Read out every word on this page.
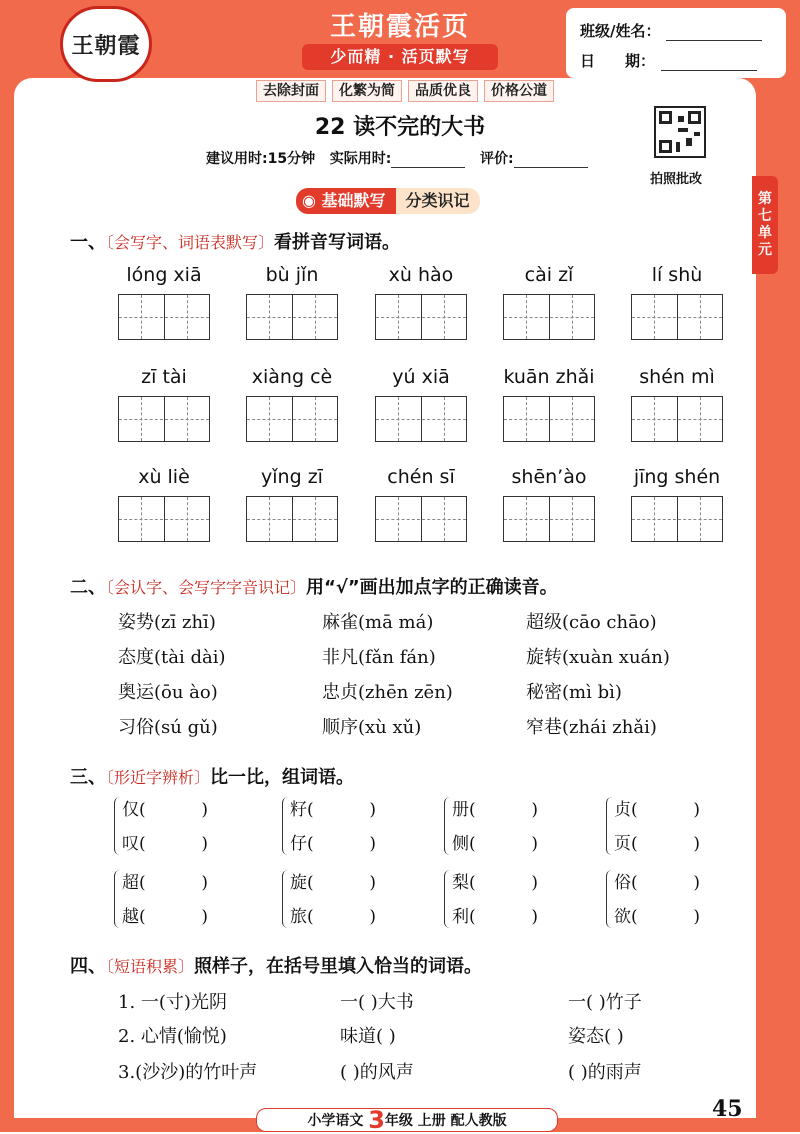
王朝霞
王朝霞活页
少而精 · 活页默写
班级/姓名：
日　　期：
去除封面 化繁为简 品质优良 价格公道
第
七
单
元
22 读不完的大书
建议用时:15分钟 实际用时:	评价:
拍照批改
◉ 基础默写	分类识记
一、〔会写字、词语表默写〕看拼音写词语。
lóng xiā	bù jǐn	xù hào	cài zǐ	lí shù
zī tài	xiàng cè	yú xiā	kuān zhǎi	shén mì
xù liè	yǐng zī	chén sī	shēn’ào	jīng shén
二、〔会认字、会写字字音识记〕用“√”画出加点字的正确读音。
姿势(zī zhī)	麻雀(mā má)	超级(cāo chāo)
态度(tài dài)	非凡(fǎn fán)	旋转(xuàn xuán)
奥运(ōu ào)	忠贞(zhēn zēn)	秘密(mì bì)
习俗(sú gǔ)	顺序(xù xǔ)	窄巷(zhái zhǎi)
三、〔形近字辨析〕比一比，组词语。
仅(	)
叹(	)
籽(	)
仔(	)
册(	)
侧(	)
贞(	)
页(	)
超(	)
越(	)
旋(	)
旅(	)
梨(	)
利(	)
俗(	)
欲(	)
四、〔短语积累〕照样子，在括号里填入恰当的词语。
1. 一(寸)光阴	一( )大书	一( )竹子
2. 心情(愉悦)	味道( )	姿态( )
3.(沙沙)的竹叶声	( )的风声	( )的雨声
小学语文 3年级 上册 配人教版	45
